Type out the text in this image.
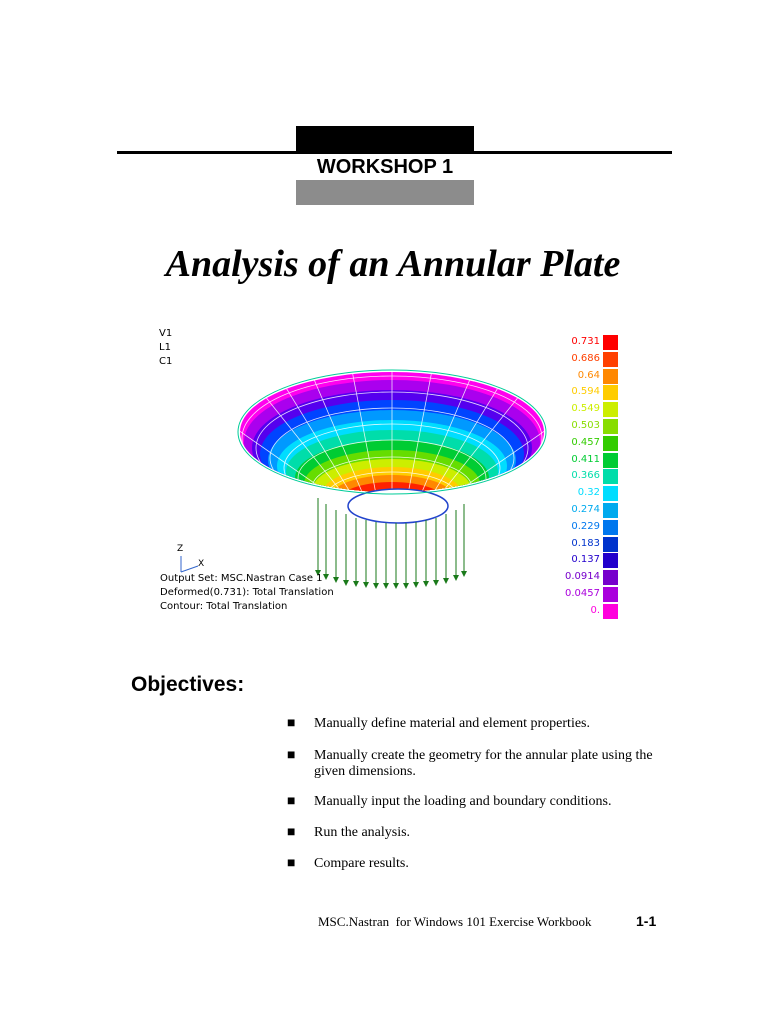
WORKSHOP 1
Analysis of an Annular Plate
V1
L1
C1
Z
X
Output Set: MSC.Nastran Case 1
Deformed(0.731): Total Translation
Contour: Total Translation
0.731
0.686
0.64
0.594
0.549
0.503
0.457
0.411
0.366
0.32
0.274
0.229
0.183
0.137
0.0914
0.0457
0.
Objectives:
■ Manually define material and element properties.
■ Manually create the geometry for the annular plate using the given dimensions.
■ Manually input the loading and boundary conditions.
■ Run the analysis.
■ Compare results.
MSC.Nastran  for Windows 101 Exercise Workbook	1-1
